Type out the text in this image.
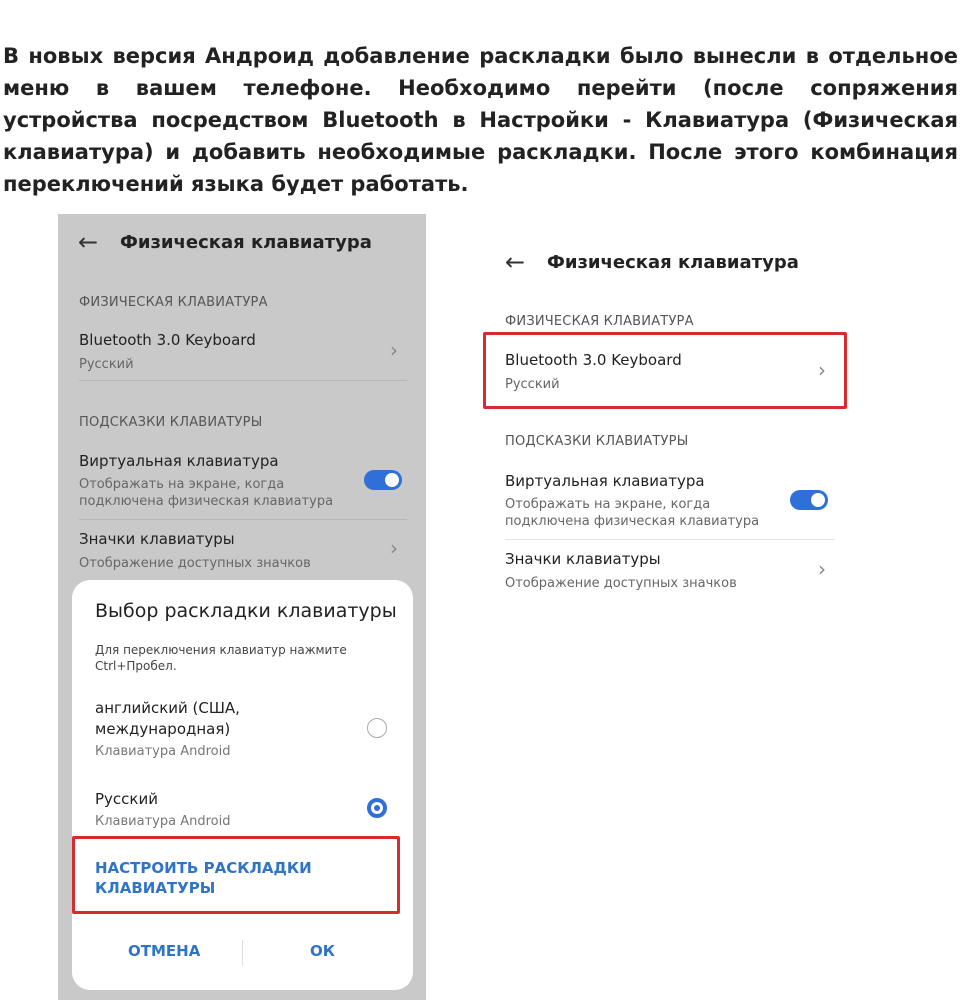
В новых версия Андроид добавление раскладки было вынесли в отдельное меню в вашем телефоне. Необходимо перейти (после сопряжения устройства посредством Bluetooth в Настройки - Клавиатура (Физическая клавиатура) и добавить необходимые раскладки. После этого комбинация переключений языка будет работать.

←	Физическая клавиатура
ФИЗИЧЕСКАЯ КЛАВИАТУРА
Bluetooth 3.0 Keyboard
Русский
›
ПОДСКАЗКИ КЛАВИАТУРЫ
Виртуальная клавиатура
Отображать на экране, когда подключена физическая клавиатура
Значки клавиатуры
Отображение доступных значков
›
Выбор раскладки клавиатуры
Для переключения клавиатур нажмите Ctrl+Пробел.
английский (США, международная)
Клавиатура Android
Русский
Клавиатура Android
НАСТРОИТЬ РАСКЛАДКИ КЛАВИАТУРЫ
ОТМЕНА	ОК
←	Физическая клавиатура
ФИЗИЧЕСКАЯ КЛАВИАТУРА
Bluetooth 3.0 Keyboard
Русский
›
ПОДСКАЗКИ КЛАВИАТУРЫ
Виртуальная клавиатура
Отображать на экране, когда подключена физическая клавиатура
Значки клавиатуры
Отображение доступных значков
›
